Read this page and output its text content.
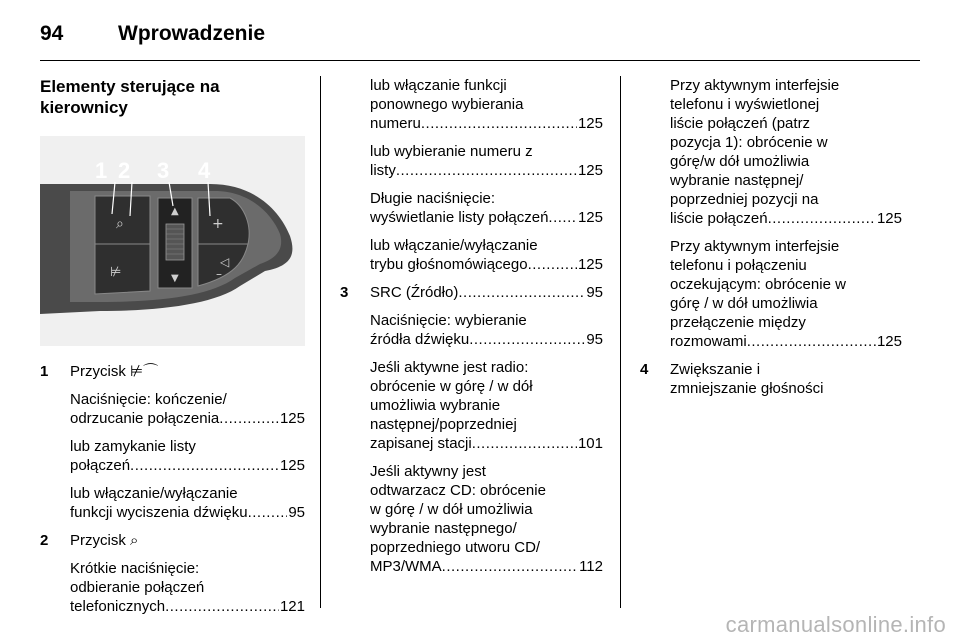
94	Wprowadzenie
Elementy sterujące na
kierownicy
⌕
⊭
▲
▼
+
◁
–
1 2 3 4
1 Przycisk ⊭⌒
Naciśnięcie: kończenie/
odrzucanie połączenia .....	125
lub zamykanie listy
połączeń .....	125
lub włączanie/wyłączanie
funkcji wyciszenia dźwięku .....	95
2 Przycisk ⌕
Krótkie naciśnięcie:
odbieranie połączeń
telefonicznych .....	121
lub włączanie funkcji
ponownego wybierania
numeru .....	125
lub wybieranie numeru z
listy .....	125
Długie naciśnięcie:
wyświetlanie listy połączeń ..... 125
lub włączanie/wyłączanie
trybu głośnomówiącego .....	125
3 SRC (Źródło) .....	95
Naciśnięcie: wybieranie
źródła dźwięku .....	95
Jeśli aktywne jest radio:
obrócenie w górę / w dół
umożliwia wybranie
następnej/poprzedniej
zapisanej stacji .....	101
Jeśli aktywny jest
odtwarzacz CD: obrócenie
w górę / w dół umożliwia
wybranie następnego/
poprzedniego utworu CD/
MP3/WMA .....	112
Przy aktywnym interfejsie
telefonu i wyświetlonej
liście połączeń (patrz
pozycja 1): obrócenie w
górę/w dół umożliwia
wybranie następnej/
poprzedniej pozycji na
liście połączeń .....	125
Przy aktywnym interfejsie
telefonu i połączeniu
oczekującym: obrócenie w
górę / w dół umożliwia
przełączenie między
rozmowami .....	125
4 Zwiększanie i
zmniejszanie głośności
carmanualsonline.info
